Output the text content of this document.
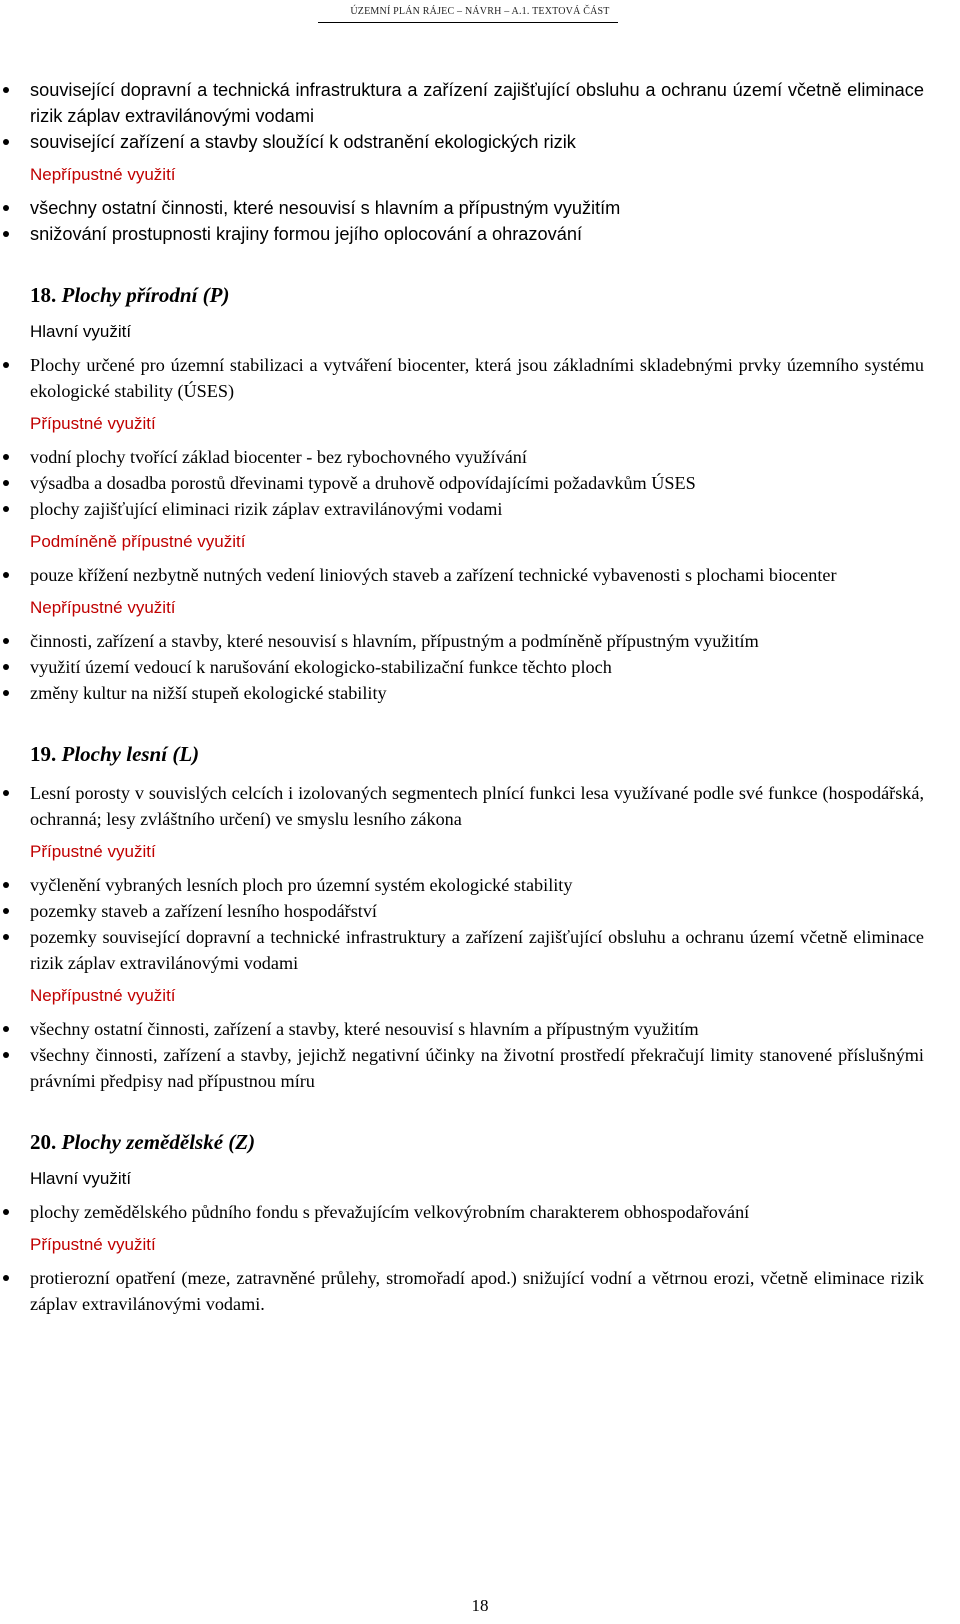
ÚZEMNÍ PLÁN RÁJEC – NÁVRH – A.1. TEXTOVÁ ČÁST
související dopravní a technická infrastruktura a zařízení zajišťující obsluhu a ochranu území včetně eliminace rizik záplav extravilánovými vodami
související zařízení a stavby sloužící k odstranění ekologických rizik
Nepřípustné využití
všechny ostatní činnosti, které nesouvisí s hlavním a přípustným využitím
snižování prostupnosti krajiny formou jejího oplocování a ohrazování
18. Plochy přírodní (P)
Hlavní využití
Plochy určené pro územní stabilizaci a vytváření biocenter, která jsou základními skladebnými prvky územního systému ekologické stability (ÚSES)
Přípustné využití
vodní plochy tvořící základ biocenter - bez rybochovného využívání
výsadba a dosadba porostů dřevinami typově a druhově odpovídajícími požadavkům ÚSES
plochy zajišťující eliminaci rizik záplav extravilánovými vodami
Podmíněně přípustné využití
pouze křížení nezbytně nutných vedení liniových staveb a zařízení technické vybavenosti s plochami biocenter
Nepřípustné využití
činnosti, zařízení a stavby, které nesouvisí s hlavním, přípustným a podmíněně přípustným využitím
využití území vedoucí k narušování ekologicko-stabilizační funkce těchto ploch
změny kultur na nižší stupeň ekologické stability
19. Plochy lesní (L)
Lesní porosty v souvislých celcích i izolovaných segmentech plnící funkci lesa využívané podle své funkce (hospodářská, ochranná; lesy zvláštního určení) ve smyslu lesního zákona
Přípustné využití
vyčlenění vybraných lesních ploch pro územní systém ekologické stability
pozemky staveb a zařízení lesního hospodářství
pozemky související dopravní a technické infrastruktury a zařízení zajišťující obsluhu a ochranu území včetně eliminace rizik záplav extravilánovými vodami
Nepřípustné využití
všechny ostatní činnosti, zařízení a stavby, které nesouvisí s hlavním a přípustným využitím
všechny činnosti, zařízení a stavby, jejichž negativní účinky na životní prostředí překračují limity stanovené příslušnými právními předpisy nad přípustnou míru
20. Plochy zemědělské (Z)
Hlavní využití
plochy zemědělského půdního fondu s převažujícím velkovýrobním charakterem obhospodařování
Přípustné využití
protierozní opatření (meze, zatravněné průlehy, stromořadí apod.) snižující vodní a větrnou erozi, včetně eliminace rizik záplav extravilánovými vodami.
18
